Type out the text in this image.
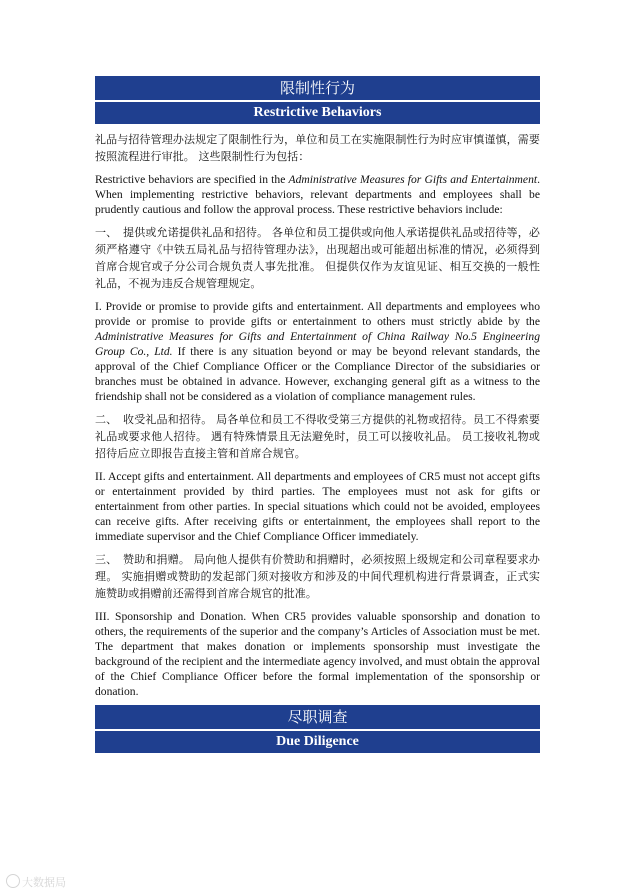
限制性行为
Restrictive Behaviors

礼品与招待管理办法规定了限制性行为，单位和员工在实施限制性行为时应审慎谨慎，需要按照流程进行审批。 这些限制性行为包括：

Restrictive behaviors are specified in the Administrative Measures for Gifts and Entertainment. When implementing restrictive behaviors, relevant departments and employees shall be prudently cautious and follow the approval process. These restrictive behaviors include:

一、　提供或允诺提供礼品和招待。 各单位和员工提供或向他人承诺提供礼品或招待等，必须严格遵守《中铁五局礼品与招待管理办法》，出现超出或可能超出标准的情况，必须得到首席合规官或子分公司合规负责人事先批准。 但提供仅作为友谊见证、相互交换的一般性礼品，不视为违反合规管理规定。

I. Provide or promise to provide gifts and entertainment. All departments and employees who provide or promise to provide gifts or entertainment to others must strictly abide by the Administrative Measures for Gifts and Entertainment of China Railway No.5 Engineering Group Co., Ltd. If there is any situation beyond or may be beyond relevant standards, the approval of the Chief Compliance Officer or the Compliance Director of the subsidiaries or branches must be obtained in advance. However, exchanging general gift as a witness to the friendship shall not be considered as a violation of compliance management rules.

二、　收受礼品和招待。 局各单位和员工不得收受第三方提供的礼物或招待。员工不得索要礼品或要求他人招待。 遇有特殊情景且无法避免时，员工可以接收礼品。 员工接收礼物或招待后应立即报告直接主管和首席合规官。

II. Accept gifts and entertainment. All departments and employees of CR5 must not accept gifts or entertainment provided by third parties. The employees must not ask for gifts or entertainment from other parties. In special situations which could not be avoided, employees can receive gifts. After receiving gifts or entertainment, the employees shall report to the immediate supervisor and the Chief Compliance Officer immediately.

三、　赞助和捐赠。 局向他人提供有价赞助和捐赠时，必须按照上级规定和公司章程要求办理。 实施捐赠或赞助的发起部门须对接收方和涉及的中间代理机构进行背景调查，正式实施赞助或捐赠前还需得到首席合规官的批准。

III. Sponsorship and Donation. When CR5 provides valuable sponsorship and donation to others, the requirements of the superior and the company’s Articles of Association must be met. The department that makes donation or implements sponsorship must investigate the background of the recipient and the intermediate agency involved, and must obtain the approval of the Chief Compliance Officer before the formal implementation of the sponsorship or donation.

尽职调查
Due Diligence
大数据局
